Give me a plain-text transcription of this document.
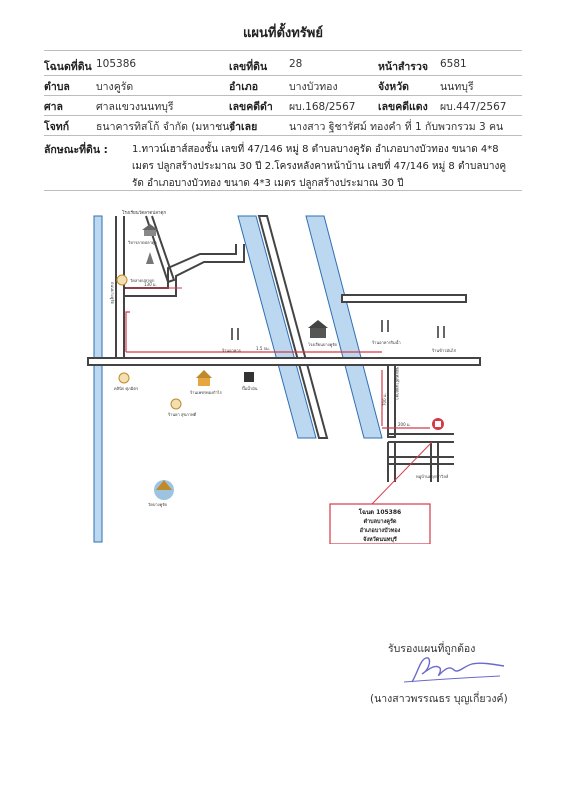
แผนที่ตั้งทรัพย์
โฉนดที่ดิน 105386	เลขที่ดิน 28	หน้าสำรวจ 6581
ตำบล บางคูรัด	อำเภอ	บางบัวทอง	จังหวัด	นนทบุรี
ศาล	ศาลแขวงนนทบุรี	เลขคดีดำ ผบ.168/2567 เลขคดีแดง ผบ.447/2567
โจทก์	ธนาคารทิสโก้ จำกัด (มหาชน)
จำเลย	นางสาว ฐิชารัศม์ ทองคำ ที่ 1 กับพวกรวม 3 คน
ลักษณะที่ดิน : 1.ทาวน์เฮาส์สองชั้น เลขที่ 47/146 หมู่ 8 ตำบลบางคูรัด อำเภอบางบัวทอง ขนาด 4*8 เมตร ปลูกสร้างประมาณ 30 ปี 2.โครงหลังคาหน้าบ้าน เลขที่ 47/146 หมู่ 8 ตำบลบางคูรัด อำเภอบางบัวทอง ขนาด 4*3 เมตร ปลูกสร้างประมาณ 30 ปี
130 ม.
1.5 กม.
700 ม.
200 ม.
ถนนบางคูรัด
ซอยหมู่บ้านพฤกษา
โรงเรียนวัดลาดปลาดุก
วิหารลาดปลาดุก
วัดลาดปลาดุก
ร้านอาหาร
โรงเรียนบางคูรัด	ร้านอาหารริมน้ำ
ร้านข้าวมันไก่
คลินิก ศุภมิตร
ร้านยา สุขภาพดี
ร้านเพชรทองกำไร
ปั๊มน้ำมัน
วัดบางคูรัด
หมู่บ้านพฤกษาวิลล์
โฉนด 105386
ตำบลบางคูรัด
อำเภอบางบัวทอง
จังหวัดนนทบุรี
รับรองแผนที่ถูกต้อง
(นางสาวพรรณธร บุญเกี่ยวงค์)
